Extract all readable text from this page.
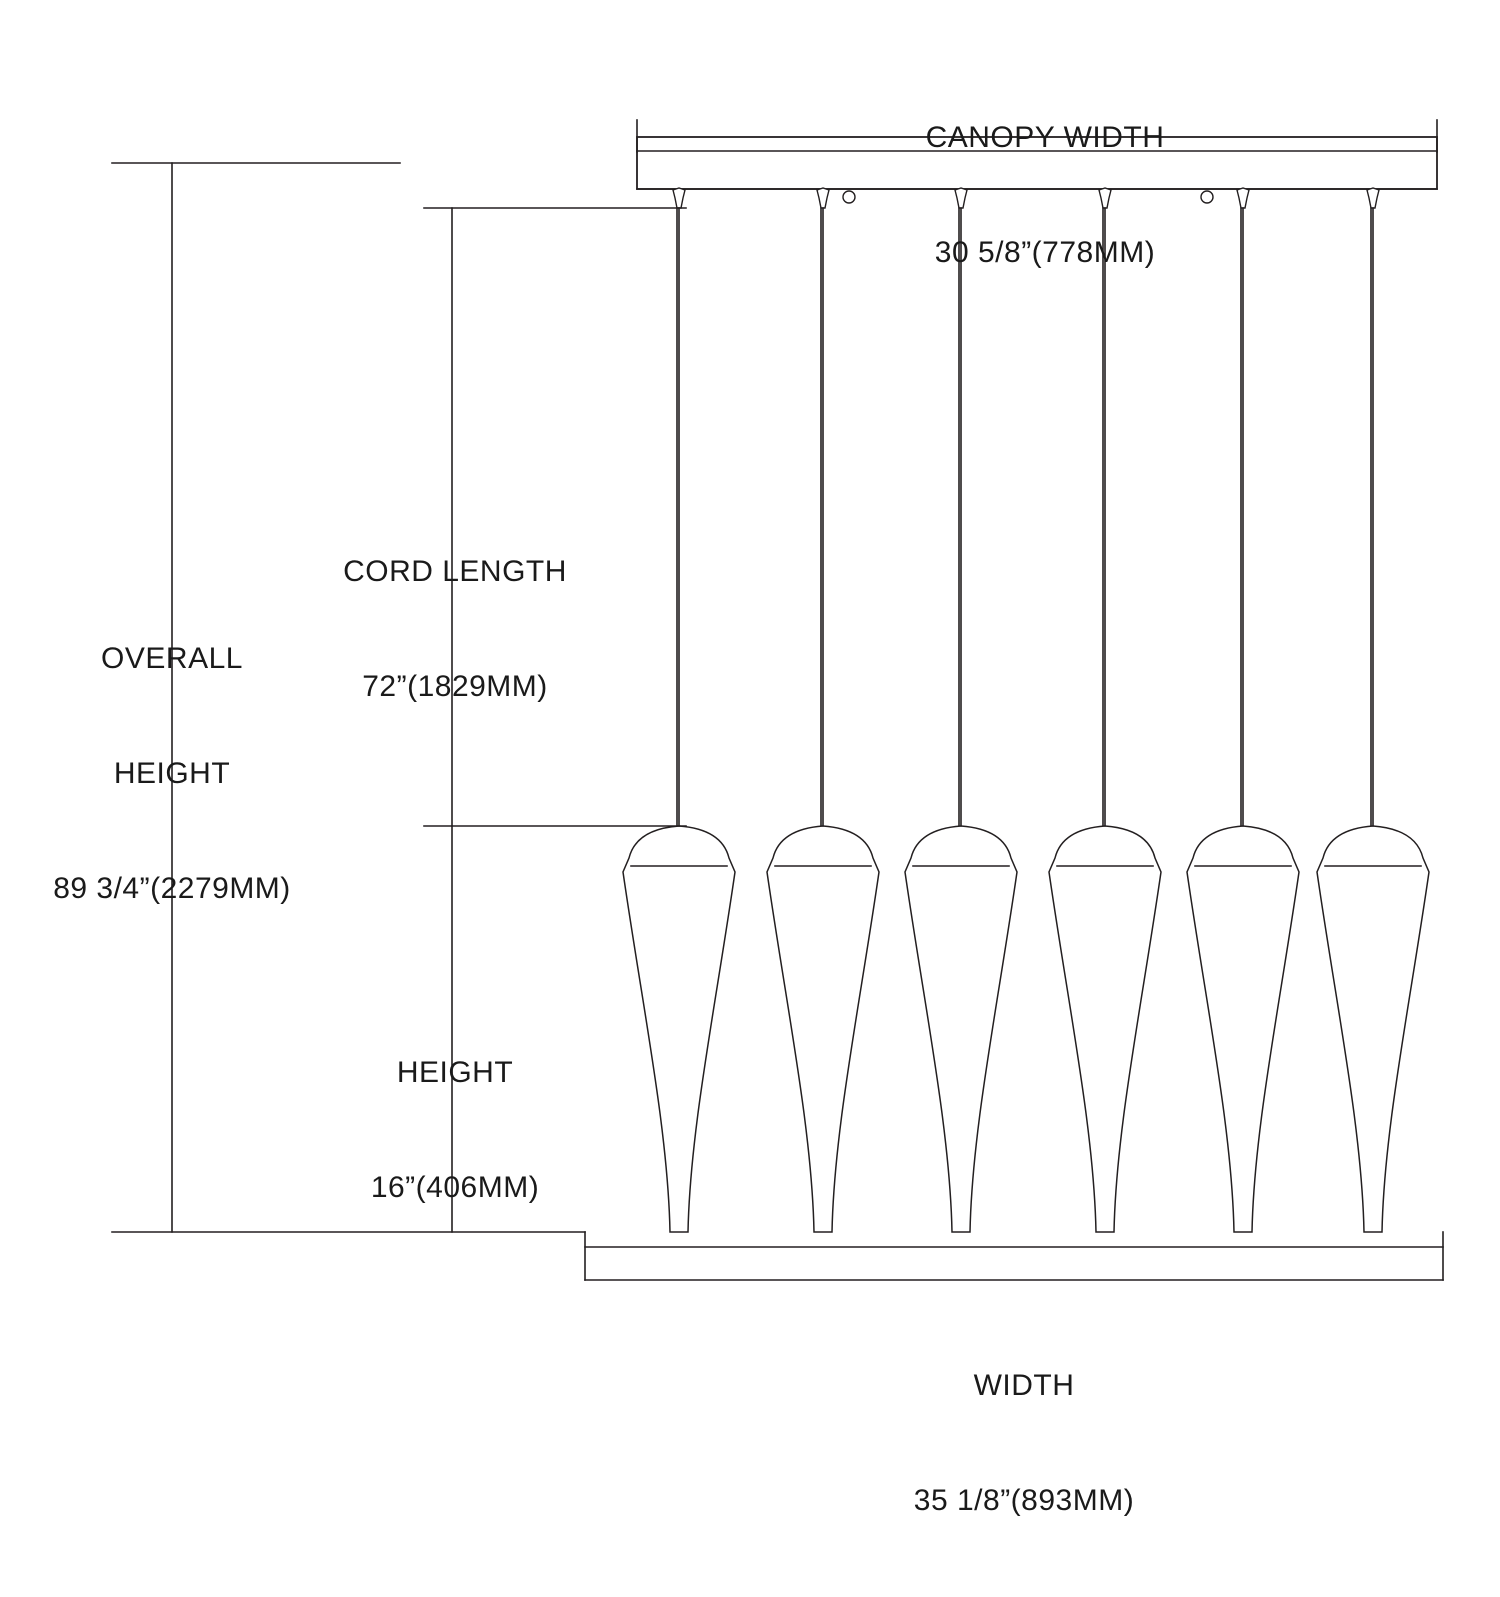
CANOPY WIDTH

30 5/8”(778MM)

CORD LENGTH

72”(1829MM)

OVERALL

HEIGHT

89 3/4”(2279MM)

HEIGHT

16”(406MM)

WIDTH

35 1/8”(893MM)
